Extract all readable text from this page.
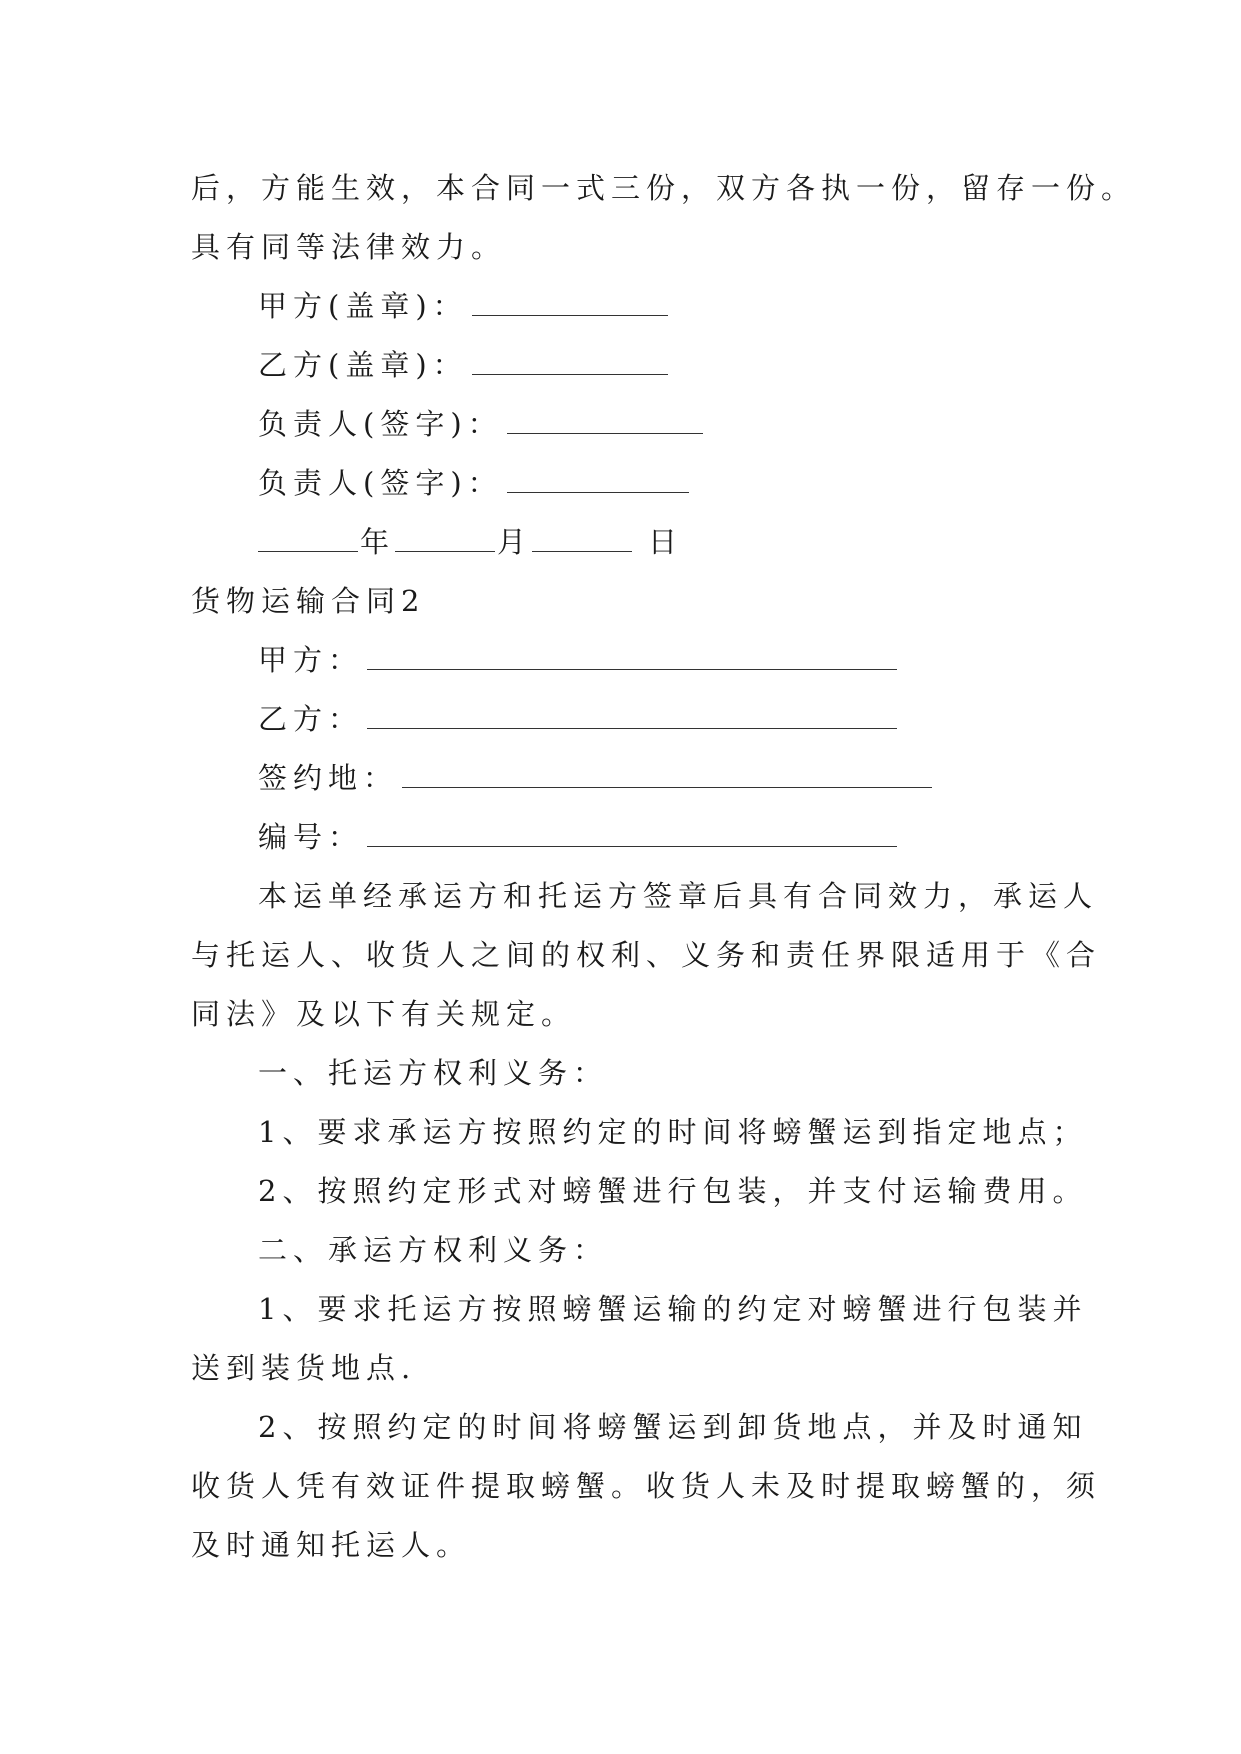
后，方能生效，本合同一式三份，双方各执一份，留存一份。
具有同等法律效力。
甲方(盖章)：
乙方(盖章)：
负责人(签字)：
负责人(签字)：
年	月	日
货物运输合同2
甲方：
乙方：
签约地：
编号：
本运单经承运方和托运方签章后具有合同效力，承运人
与托运人、收货人之间的权利、义务和责任界限适用于《合
同法》及以下有关规定。
一、托运方权利义务：
1、要求承运方按照约定的时间将螃蟹运到指定地点；
2、按照约定形式对螃蟹进行包装，并支付运输费用。
二、承运方权利义务：
1、要求托运方按照螃蟹运输的约定对螃蟹进行包装并
送到装货地点.
2、按照约定的时间将螃蟹运到卸货地点，并及时通知
收货人凭有效证件提取螃蟹。收货人未及时提取螃蟹的，须
及时通知托运人。
